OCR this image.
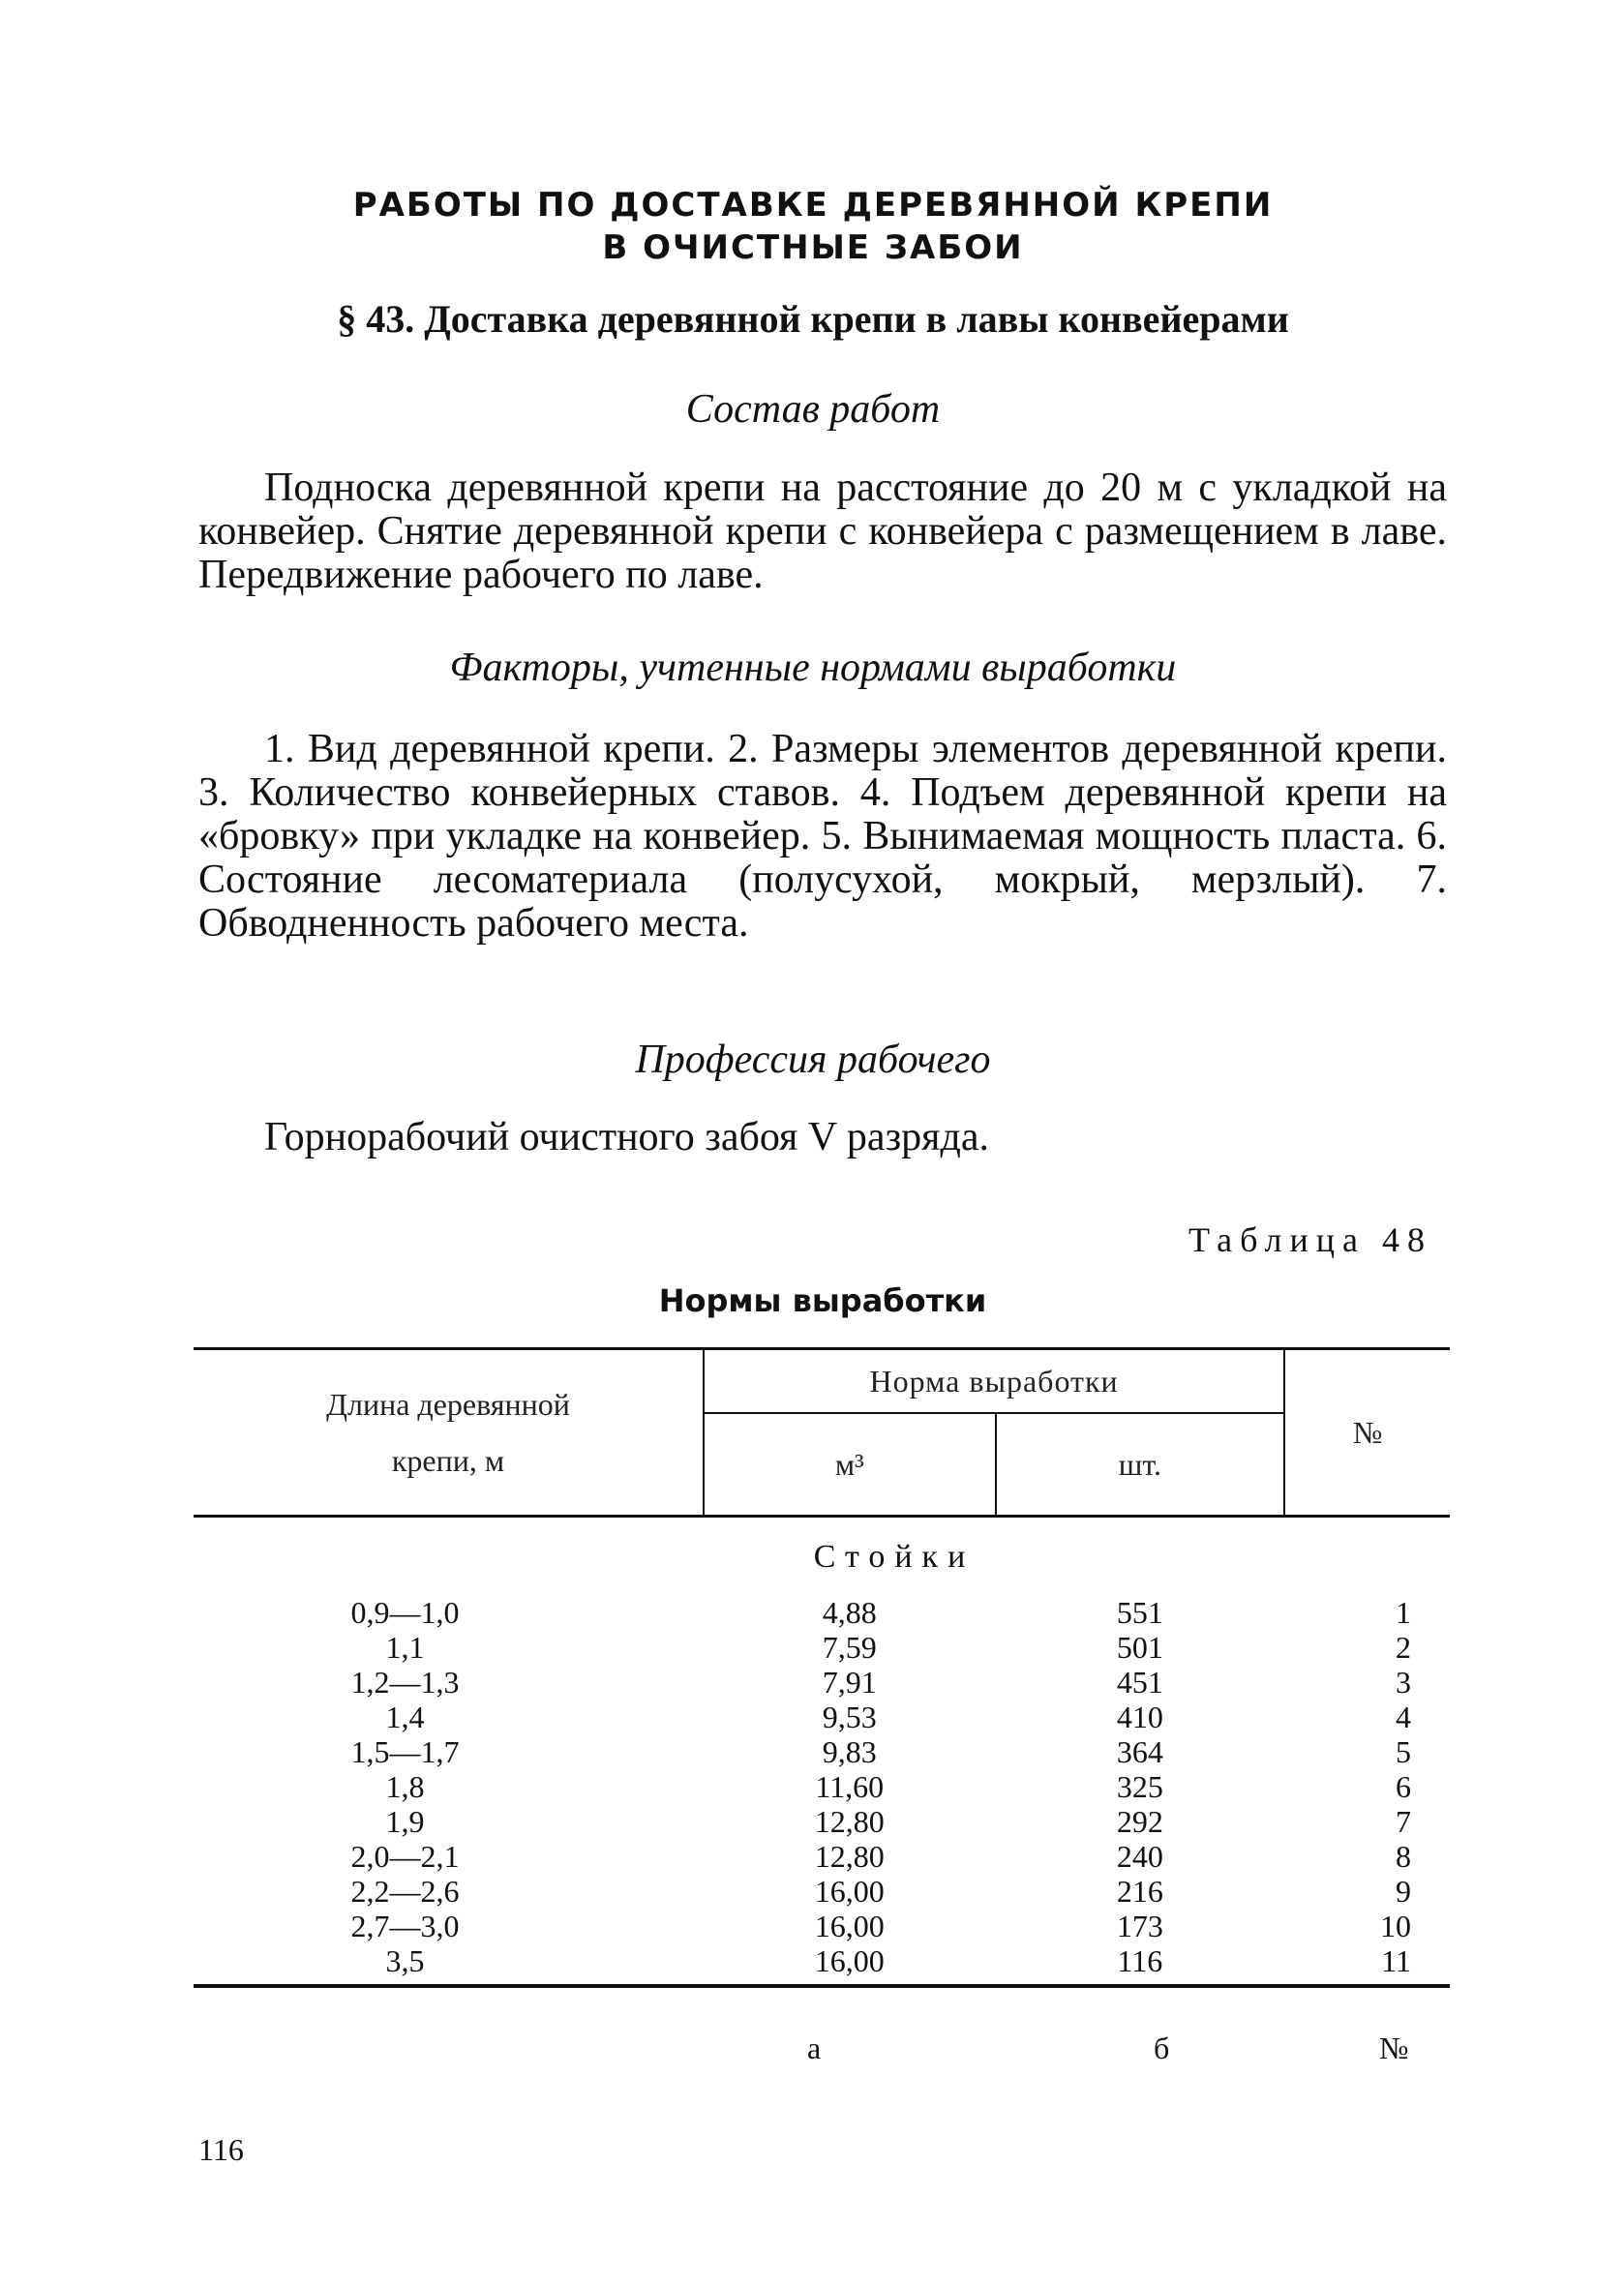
РАБОТЫ ПО ДОСТАВКЕ ДЕРЕВЯННОЙ КРЕПИ
В ОЧИСТНЫЕ ЗАБОИ
§ 43. Доставка деревянной крепи в лавы конвейерами
Состав работ
Подноска деревянной крепи на расстояние до 20 м с укладкой на конвейер. Снятие деревянной крепи с конвейера с размещением в лаве. Передвижение рабочего по лаве.
Факторы, учтенные нормами выработки
1. Вид деревянной крепи. 2. Размеры элементов деревянной крепи. 3. Количество конвейерных ставов. 4. Подъем деревянной крепи на «бровку» при укладке на конвейер. 5. Вынимаемая мощность пласта. 6. Состояние лесоматериала (полусухой, мокрый, мерзлый). 7. Обводненность рабочего места.
Профессия рабочего
Горнорабочий очистного забоя V разряда.
Таблица 48
Нормы выработки
Длина деревянной
крепи, м	Норма выработки		№
	м³	шт.	
Стойки			
0,9—1,0	4,88	551	1
1,1	7,59	501	2
1,2—1,3	7,91	451	3
1,4	9,53	410	4
1,5—1,7	9,83	364	5
1,8	11,60	325	6
1,9	12,80	292	7
2,0—2,1	12,80	240	8
2,2—2,6	16,00	216	9
2,7—3,0	16,00	173	10
3,5	16,00	116	11
а	б	№
116
